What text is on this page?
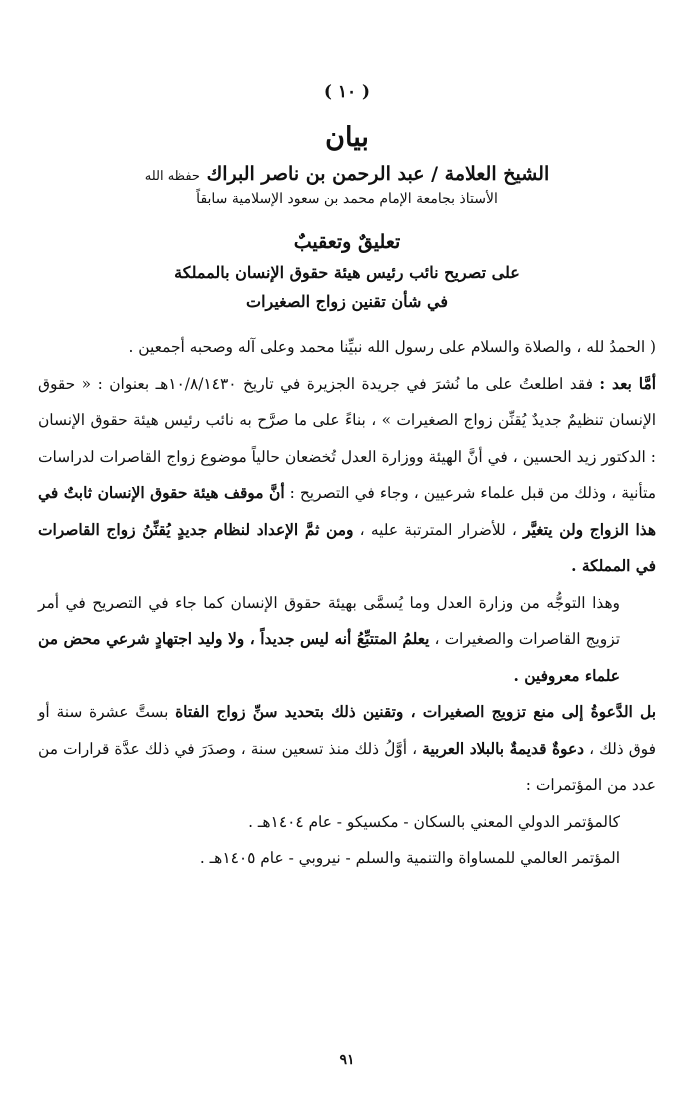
( ١٠ )
بيان
الشيخ العلامة / عبد الرحمن بن ناصر البراك حفظه الله
الأستاذ بجامعة الإمام محمد بن سعود الإسلامية سابقاً
تعليقٌ وتعقيبٌ
على تصريح نائب رئيس هيئة حقوق الإنسان بالمملكة
في شأن تقنين زواج الصغيرات

( الحمدُ لله ، والصلاة والسلام على رسول الله نبيِّنا محمد وعلى آله وصحبه أجمعين .

أمَّا بعد : فقد اطلعتُ على ما نُشرَ في جريدة الجزيرة في تاريخ ١٠/٨/١٤٣٠هـ بعنوان : « حقوق الإنسان تنظيمٌ جديدٌ يُقنِّن زواج الصغيرات » ، بناءً على ما صرَّح به نائب رئيس هيئة حقوق الإنسان : الدكتور زيد الحسين ، في أنَّ الهيئة ووزارة العدل تُخضعان حالياً موضوع زواج القاصرات لدراسات متأنية ، وذلك من قبل علماء شرعيين ، وجاء في التصريح : أنَّ موقف هيئة حقوق الإنسان ثابتٌ في هذا الزواج ولن يتغيَّر ، للأضرار المترتبة عليه ، ومن ثمَّ الإعداد لنظام جديدٍ يُقنِّنُ زواج القاصرات في المملكة .

وهذا التوجُّه من وزارة العدل وما يُسمَّى بهيئة حقوق الإنسان كما جاء في التصريح في أمر تزويج القاصرات والصغيرات ، يعلمُ المتتبِّعُ أنه ليس جديداً ، ولا وليد اجتهادٍ شرعي محض من علماء معروفين .

بل الدَّعوةُ إلى منع تزويج الصغيرات ، وتقنين ذلك بتحديد سنِّ زواج الفتاة بستَّ عشرة سنة أو فوق ذلك ، دعوةٌ قديمةٌ بالبلاد العربية ، أوَّلُ ذلك منذ تسعين سنة ، وصدَرَ في ذلك عدَّة قرارات من عدد من المؤتمرات :

كالمؤتمر الدولي المعني بالسكان - مكسيكو - عام ١٤٠٤هـ .

المؤتمر العالمي للمساواة والتنمية والسلم - نيروبي - عام ١٤٠٥هـ .

٩١
